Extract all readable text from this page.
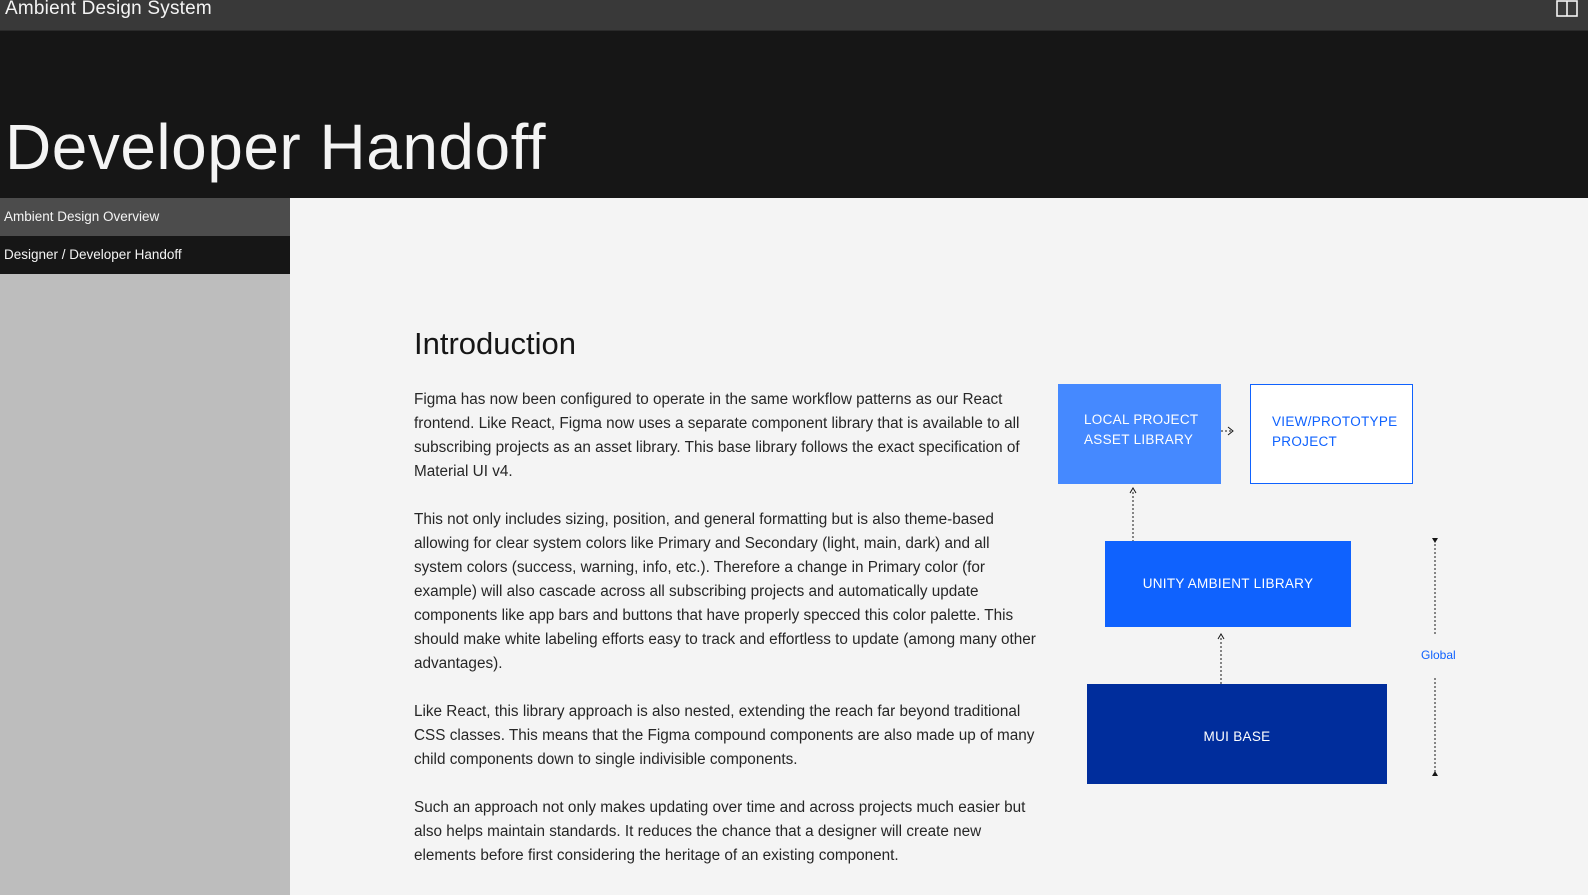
Ambient Design System
Developer Handoff
Ambient Design Overview
Designer / Developer Handoff
Introduction

Figma has now been configured to operate in the same workflow patterns as our React frontend. Like React, Figma now uses a separate component library that is available to all subscribing projects as an asset library. This base library follows the exact specification of Material UI v4.

This not only includes sizing, position, and general formatting but is also theme-based allowing for clear system colors like Primary and Secondary (light, main, dark) and all system colors (success, warning, info, etc.). Therefore a change in Primary color (for example) will also cascade across all subscribing projects and automatically update components like app bars and buttons that have properly specced this color palette. This should make white labeling efforts easy to track and effortless to update (among many other advantages).

Like React, this library approach is also nested, extending the reach far beyond traditional CSS classes. This means that the Figma compound components are also made up of many child components down to single indivisible components.

Such an approach not only makes updating over time and across projects much easier but also helps maintain standards. It reduces the chance that a designer will create new elements before first considering the heritage of an existing component.

LOCAL PROJECT
ASSET LIBRARY
VIEW/PROTOTYPE
PROJECT
UNITY AMBIENT LIBRARY
MUI BASE
Global
